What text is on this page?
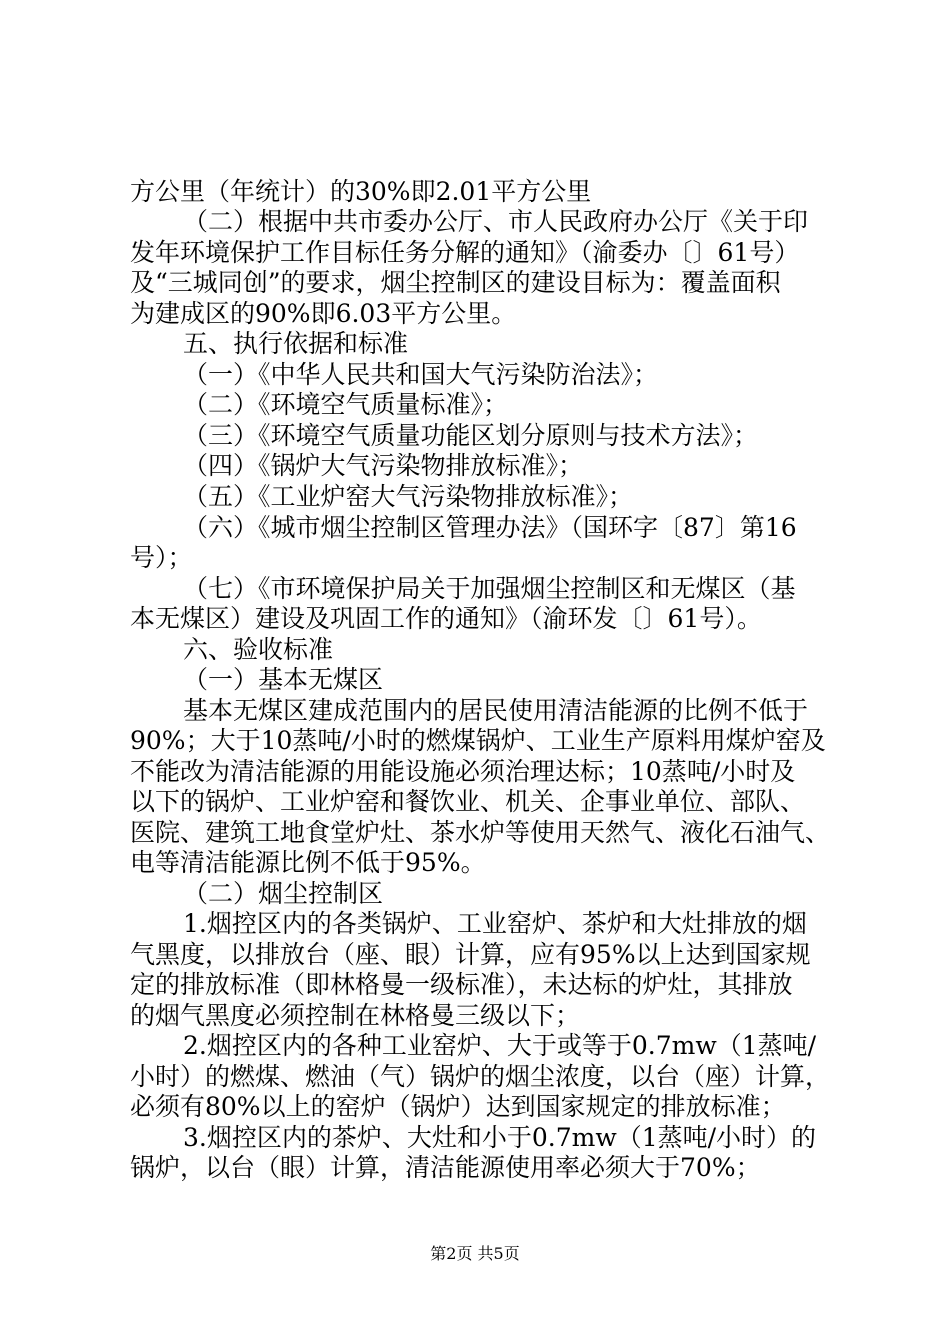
方公里（年统计）的30%即2.01平方公里
（二）根据中共市委办公厅、市人民政府办公厅《关于印
发年环境保护工作目标任务分解的通知》（渝委办〔〕61号）
及“三城同创”的要求，烟尘控制区的建设目标为：覆盖面积
为建成区的90%即6.03平方公里。
五、执行依据和标准
（一）《中华人民共和国大气污染防治法》；
（二）《环境空气质量标准》；
（三）《环境空气质量功能区划分原则与技术方法》；
（四）《锅炉大气污染物排放标准》；
（五）《工业炉窑大气污染物排放标准》；
（六）《城市烟尘控制区管理办法》（国环字〔87〕第16
号）；
（七）《市环境保护局关于加强烟尘控制区和无煤区（基
本无煤区）建设及巩固工作的通知》（渝环发〔〕61号）。
六、验收标准
（一）基本无煤区
基本无煤区建成范围内的居民使用清洁能源的比例不低于
90%；大于10蒸吨/小时的燃煤锅炉、工业生产原料用煤炉窑及
不能改为清洁能源的用能设施必须治理达标；10蒸吨/小时及
以下的锅炉、工业炉窑和餐饮业、机关、企事业单位、部队、
医院、建筑工地食堂炉灶、茶水炉等使用天然气、液化石油气、
电等清洁能源比例不低于95%。
（二）烟尘控制区
1.烟控区内的各类锅炉、工业窑炉、茶炉和大灶排放的烟
气黑度，以排放台（座、眼）计算，应有95%以上达到国家规
定的排放标准（即林格曼一级标准），未达标的炉灶，其排放
的烟气黑度必须控制在林格曼三级以下；
2.烟控区内的各种工业窑炉、大于或等于0.7mw（1蒸吨/
小时）的燃煤、燃油（气）锅炉的烟尘浓度，以台（座）计算，
必须有80%以上的窑炉（锅炉）达到国家规定的排放标准；
3.烟控区内的茶炉、大灶和小于0.7mw（1蒸吨/小时）的
锅炉，以台（眼）计算，清洁能源使用率必须大于70%；
第2页 共5页
